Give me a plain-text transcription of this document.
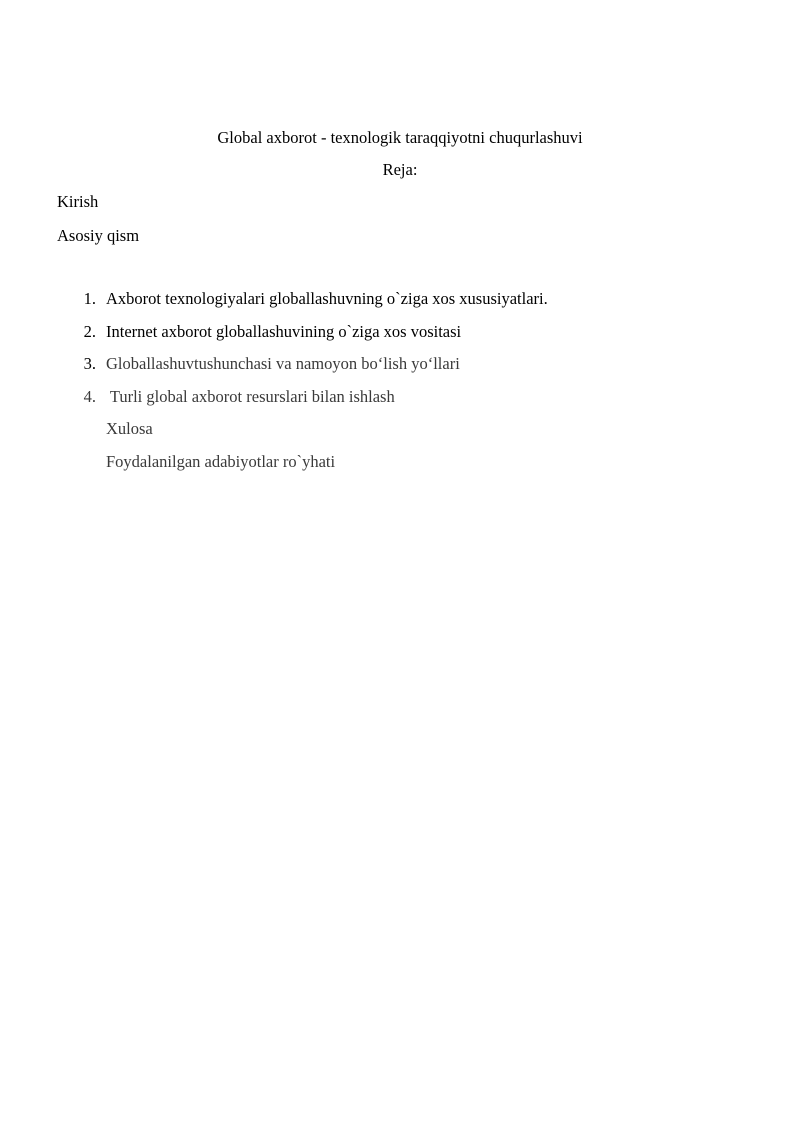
Global axborot - texnologik taraqqiyotni chuqurlashuvi
Reja:
Kirish
Asosiy qism
1. Axborot texnologiyalari globallashuvning o`ziga xos xususiyatlari.
2. Internet axborot globallashuvining o`ziga xos vositasi
3. Globallashuvtushunchasi va namoyon bo‘lish yo‘llari
4. Turli global axborot resurslari bilan ishlash
Xulosa
Foydalanilgan adabiyotlar ro`yhati
